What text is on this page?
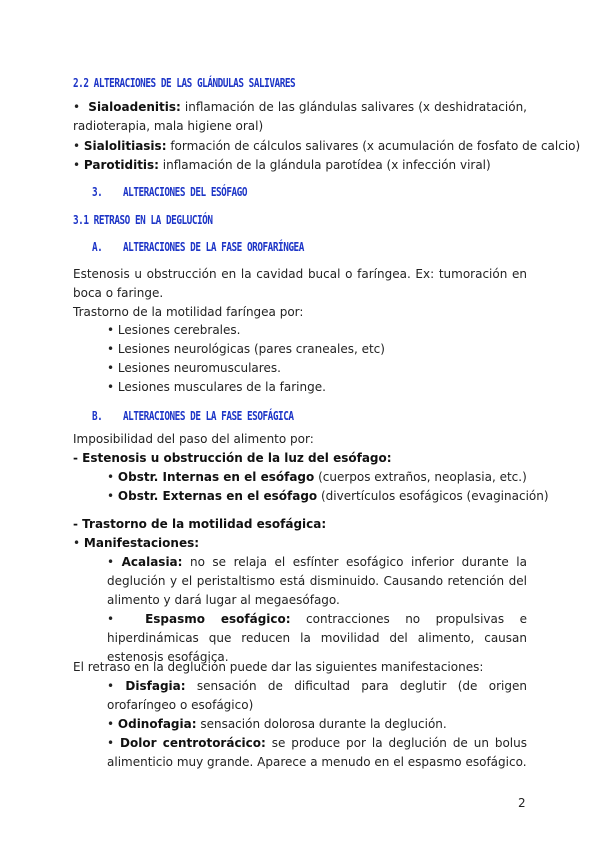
2.2 ALTERACIONES DE LAS GLÁNDULAS SALIVARES

• Sialoadenitis: inflamación de las glándulas salivares (x deshidratación, radioterapia, mala higiene oral)

• Sialolitiasis: formación de cálculos salivares (x acumulación de fosfato de calcio)

• Parotiditis: inflamación de la glándula parotídea (x infección viral)

3. ALTERACIONES DEL ESÓFAGO
3.1 RETRASO EN LA DEGLUCIÓN
A. ALTERACIONES DE LA FASE OROFARÍNGEA

Estenosis u obstrucción en la cavidad bucal o faríngea. Ex: tumoración en boca o faringe.

Trastorno de la motilidad faríngea por:

• Lesiones cerebrales.

• Lesiones neurológicas (pares craneales, etc)

• Lesiones neuromusculares.

• Lesiones musculares de la faringe.

B. ALTERACIONES DE LA FASE ESOFÁGICA

Imposibilidad del paso del alimento por:

- Estenosis u obstrucción de la luz del esófago:

• Obstr. Internas en el esófago (cuerpos extraños, neoplasia, etc.)

• Obstr. Externas en el esófago (divertículos esofágicos (evaginación)

- Trastorno de la motilidad esofágica:

• Manifestaciones:

• Acalasia: no se relaja el esfínter esofágico inferior durante la deglución y el peristaltismo está disminuido. Causando retención del alimento y dará lugar al megaesófago.

•	Espasmo esofágico: contracciones no propulsivas e hiperdinámicas que reducen la movilidad del alimento, causan estenosis esofágica.

El retraso en la deglución puede dar las siguientes manifestaciones:

• Disfagia: sensación de dificultad para deglutir (de origen orofaríngeo o esofágico)

• Odinofagia: sensación dolorosa durante la deglución.

• Dolor centrotorácico: se produce por la deglución de un bolus alimenticio muy grande. Aparece a menudo en el espasmo esofágico.

2
